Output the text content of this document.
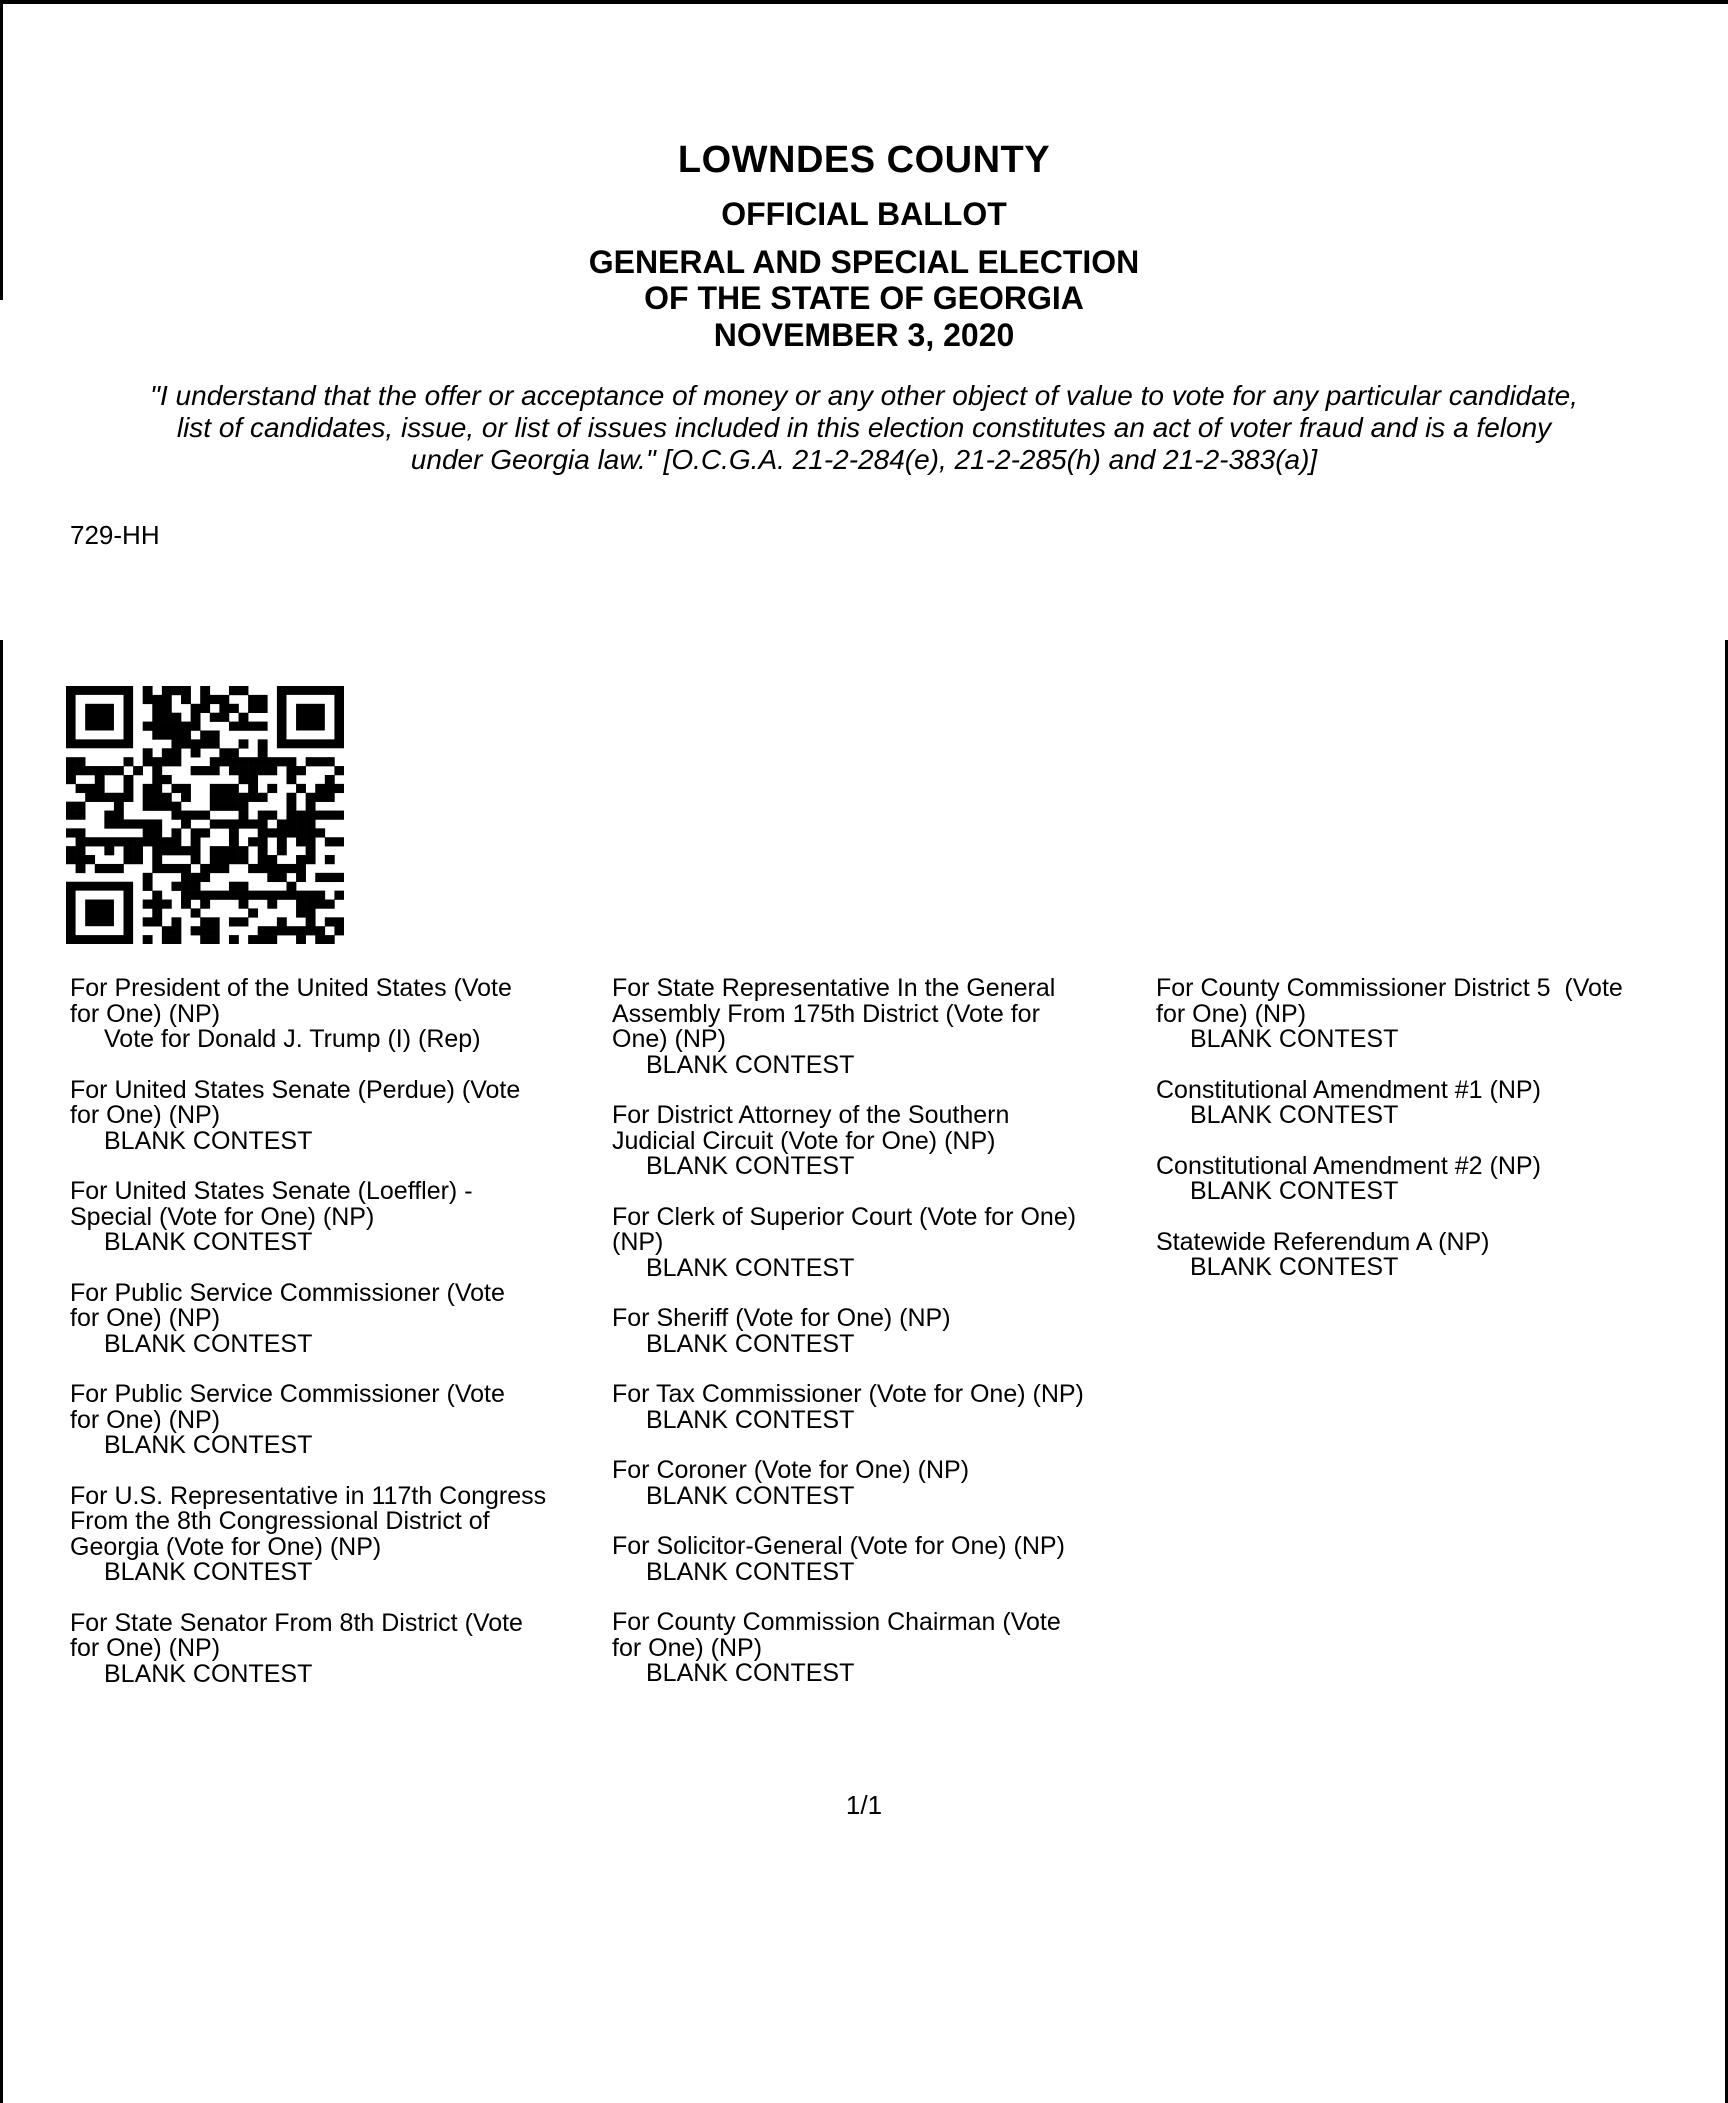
LOWNDES COUNTY
OFFICIAL BALLOT
GENERAL AND SPECIAL ELECTION
OF THE STATE OF GEORGIA
NOVEMBER 3, 2020
"I understand that the offer or acceptance of money or any other object of value to vote for any particular candidate,
list of candidates, issue, or list of issues included in this election constitutes an act of voter fraud and is a felony
under Georgia law." [O.C.G.A. 21-2-284(e), 21-2-285(h) and 21-2-383(a)]
729-HH
For President of the United States (Vote
for One) (NP)
Vote for Donald J. Trump (I) (Rep)
For United States Senate (Perdue) (Vote
for One) (NP)
BLANK CONTEST
For United States Senate (Loeffler) -
Special (Vote for One) (NP)
BLANK CONTEST
For Public Service Commissioner (Vote
for One) (NP)
BLANK CONTEST
For Public Service Commissioner (Vote
for One) (NP)
BLANK CONTEST
For U.S. Representative in 117th Congress
From the 8th Congressional District of
Georgia (Vote for One) (NP)
BLANK CONTEST
For State Senator From 8th District (Vote
for One) (NP)
BLANK CONTEST
For State Representative In the General
Assembly From 175th District (Vote for
One) (NP)
BLANK CONTEST
For District Attorney of the Southern
Judicial Circuit (Vote for One) (NP)
BLANK CONTEST
For Clerk of Superior Court (Vote for One)
(NP)
BLANK CONTEST
For Sheriff (Vote for One) (NP)
BLANK CONTEST
For Tax Commissioner (Vote for One) (NP)
BLANK CONTEST
For Coroner (Vote for One) (NP)
BLANK CONTEST
For Solicitor-General (Vote for One) (NP)
BLANK CONTEST
For County Commission Chairman (Vote
for One) (NP)
BLANK CONTEST
For County Commissioner District 5  (Vote
for One) (NP)
BLANK CONTEST
Constitutional Amendment #1 (NP)
BLANK CONTEST
Constitutional Amendment #2 (NP)
BLANK CONTEST
Statewide Referendum A (NP)
BLANK CONTEST
1/1
